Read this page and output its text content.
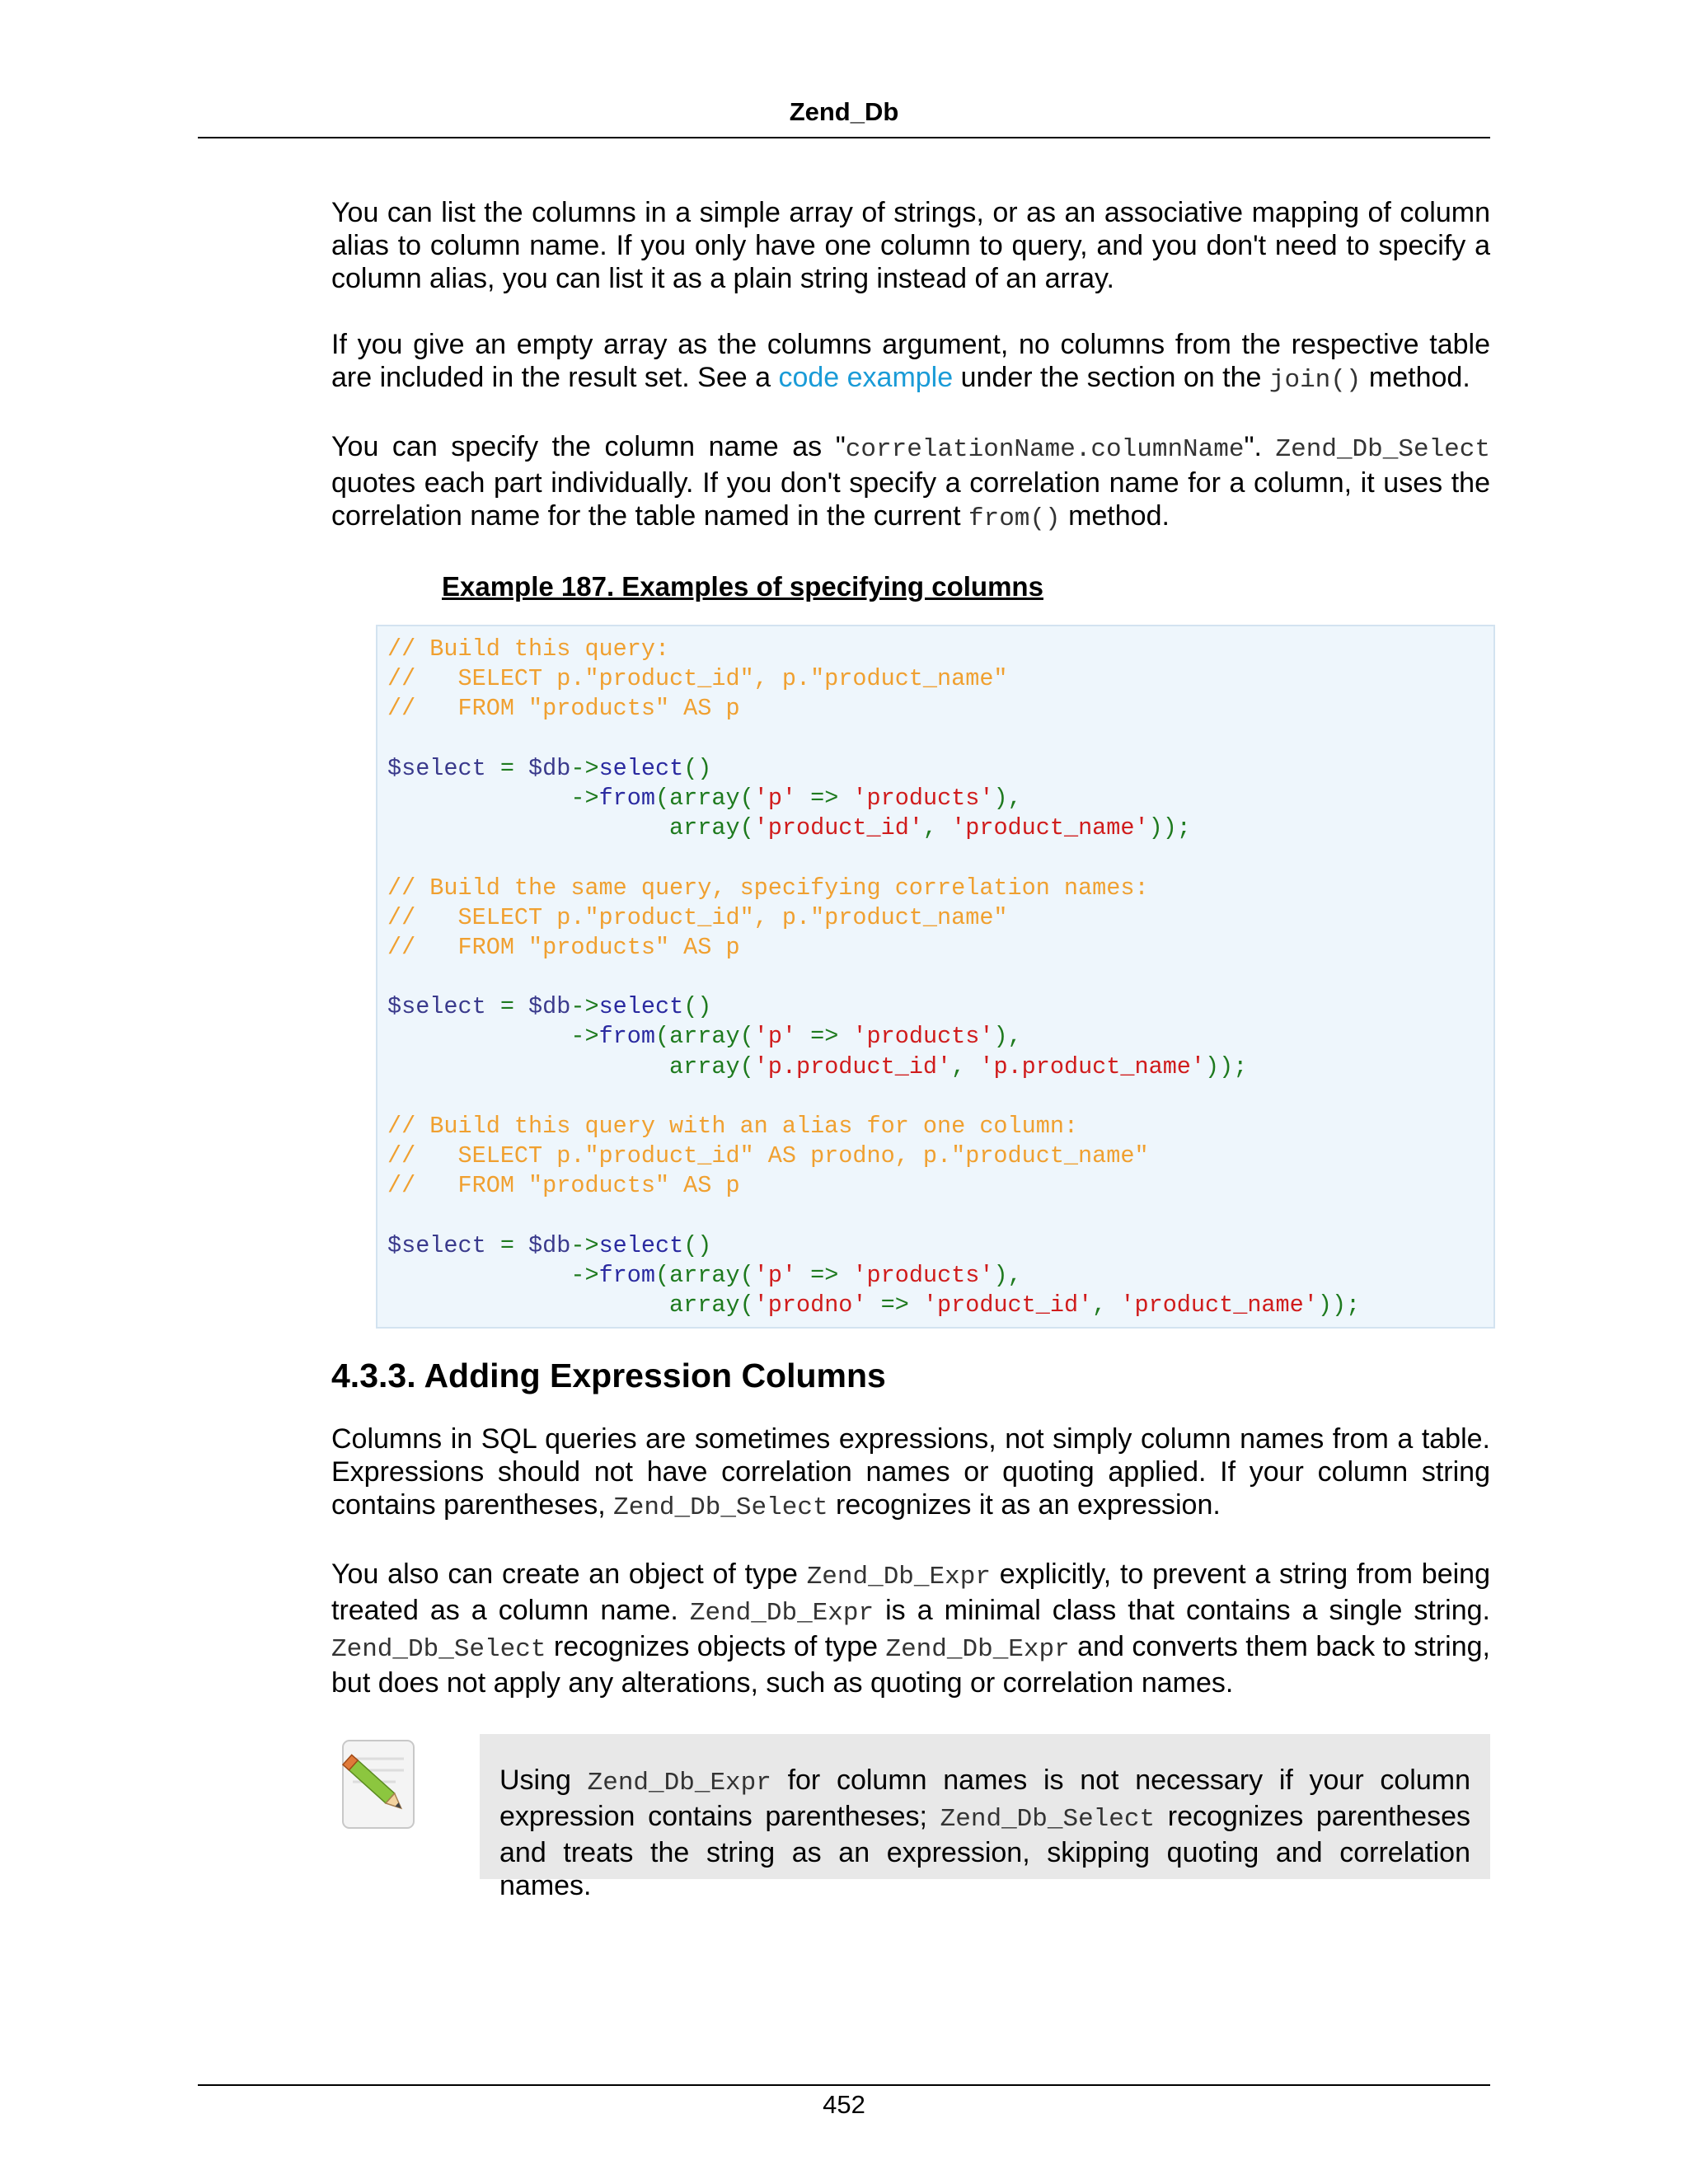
Zend_Db

You can list the columns in a simple array of strings, or as an associative mapping of column alias to column name. If you only have one column to query, and you don't need to specify a column alias, you can list it as a plain string instead of an array.

If you give an empty array as the columns argument, no columns from the respective table are included in the result set. See a code example under the section on the join() method.

You can specify the column name as "correlationName.columnName". Zend_Db_Select quotes each part individually. If you don't specify a correlation name for a column, it uses the correlation name for the table named in the current from() method.

Example 187. Examples of specifying columns
// Build this query:
//   SELECT p."product_id", p."product_name"
//   FROM "products" AS p
$select = $db->select()
->from(array('p' => 'products'),
array('product_id', 'product_name'));
// Build the same query, specifying correlation names:
//   SELECT p."product_id", p."product_name"
//   FROM "products" AS p
$select = $db->select()
->from(array('p' => 'products'),
array('p.product_id', 'p.product_name'));
// Build this query with an alias for one column:
//   SELECT p."product_id" AS prodno, p."product_name"
//   FROM "products" AS p
$select = $db->select()
->from(array('p' => 'products'),
array('prodno' => 'product_id', 'product_name'));
4.3.3. Adding Expression Columns

Columns in SQL queries are sometimes expressions, not simply column names from a table. Expressions should not have correlation names or quoting applied. If your column string contains parentheses, Zend_Db_Select recognizes it as an expression.

You also can create an object of type Zend_Db_Expr explicitly, to prevent a string from being treated as a column name. Zend_Db_Expr is a minimal class that contains a single string. Zend_Db_Select recognizes objects of type Zend_Db_Expr and converts them back to string, but does not apply any alterations, such as quoting or correlation names.

Using Zend_Db_Expr for column names is not necessary if your column expression contains parentheses; Zend_Db_Select recognizes parentheses and treats the string as an expression, skipping quoting and correlation names.

452
